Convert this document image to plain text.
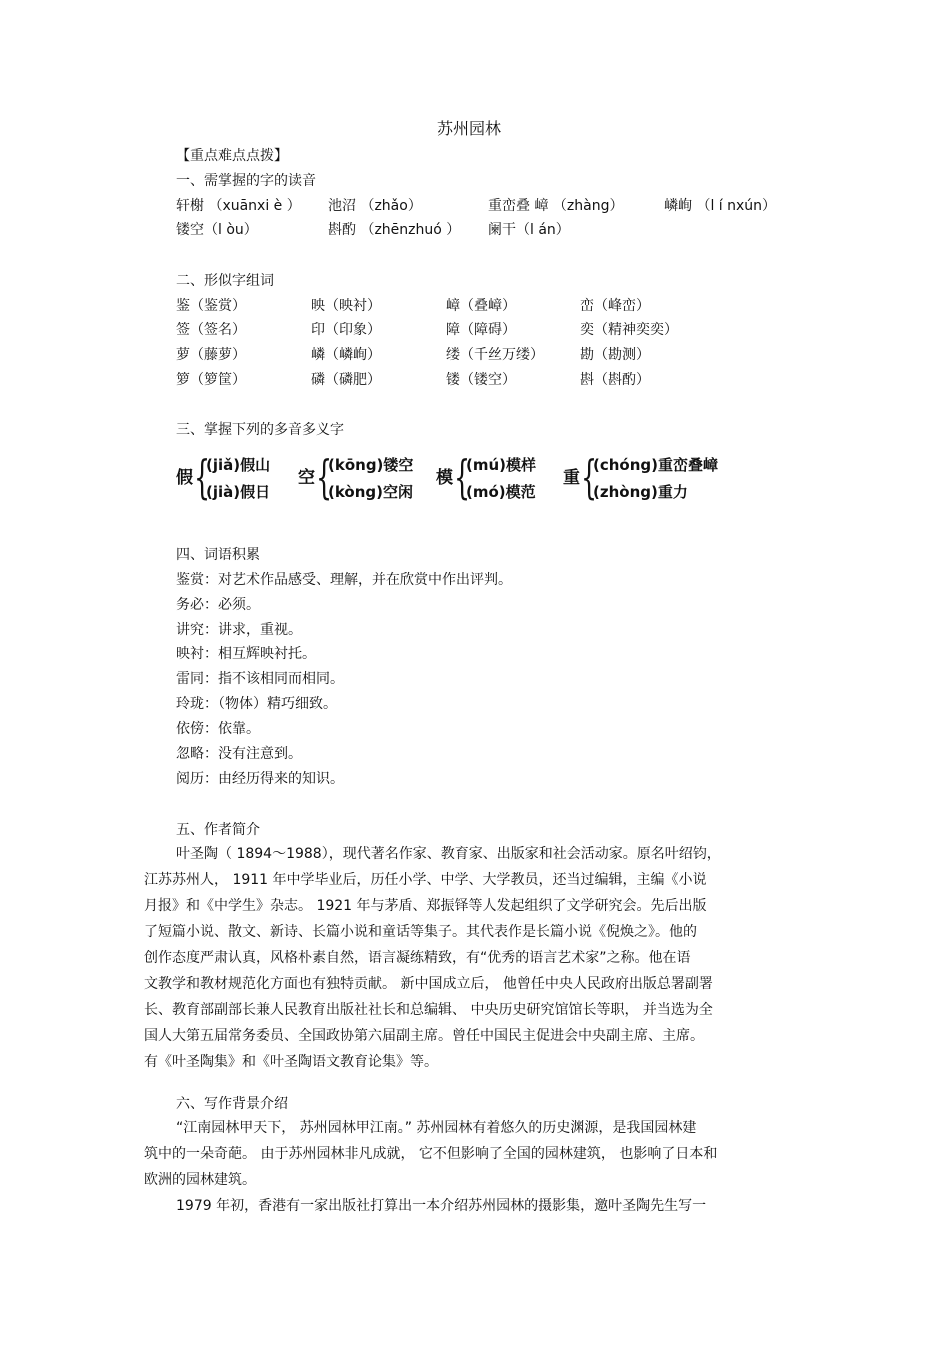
苏州园林
【重点难点点拨】
一、需掌握的字的读音
轩榭 （xuānxi è ） 池沼 （zhǎo）	重峦叠 嶂 （zhàng）	嶙峋 （l í nxún）
镂空（l òu）	斟酌 （zhēnzhuó ） 阑干（l án）
二、形似字组词
鉴（鉴赏）	映（映衬）	嶂（叠嶂）	峦（峰峦）
签（签名）	印（印象）	障（障碍）	奕（精神奕奕）
萝（藤萝）	嶙（嶙峋）	缕（千丝万缕）	勘（勘测）
箩（箩筐）	磷（磷肥）	镂（镂空）	斟（斟酌）
三、掌握下列的多音多义字
假 {
(jiǎ)假山
(jià)假日
空 {
(kōng)镂空
(kòng)空闲
模 {
(mú)模样
(mó)模范
重 {
(chóng)重峦叠嶂
(zhòng)重力
四、词语积累
鉴赏：对艺术作品感受、理解，并在欣赏中作出评判。
务必：必须。
讲究：讲求，重视。
映衬：相互辉映衬托。
雷同：指不该相同而相同。
玲珑：（物体）精巧细致。
依傍：依靠。
忽略：没有注意到。
阅历：由经历得来的知识。
五、作者简介
叶圣陶（ 1894～1988），现代著名作家、教育家、出版家和社会活动家。原名叶绍钧，
江苏苏州人， 1911 年中学毕业后，历任小学、中学、大学教员，还当过编辑，主编《小说
月报》和《中学生》杂志。 1921 年与茅盾、郑振铎等人发起组织了文学研究会。先后出版
了短篇小说、散文、新诗、长篇小说和童话等集子。其代表作是长篇小说《倪焕之》。他的
创作态度严肃认真，风格朴素自然，语言凝练精致，有“优秀的语言艺术家”之称。他在语
文教学和教材规范化方面也有独特贡献。 新中国成立后， 他曾任中央人民政府出版总署副署
长、教育部副部长兼人民教育出版社社长和总编辑、 中央历史研究馆馆长等职， 并当选为全
国人大第五届常务委员、全国政协第六届副主席。曾任中国民主促进会中央副主席、主席。
有《叶圣陶集》和《叶圣陶语文教育论集》等。
六、写作背景介绍
“江南园林甲天下， 苏州园林甲江南。” 苏州园林有着悠久的历史渊源，是我国园林建
筑中的一朵奇葩。 由于苏州园林非凡成就， 它不但影响了全国的园林建筑， 也影响了日本和
欧洲的园林建筑。
1979 年初，香港有一家出版社打算出一本介绍苏州园林的摄影集，邀叶圣陶先生写一
